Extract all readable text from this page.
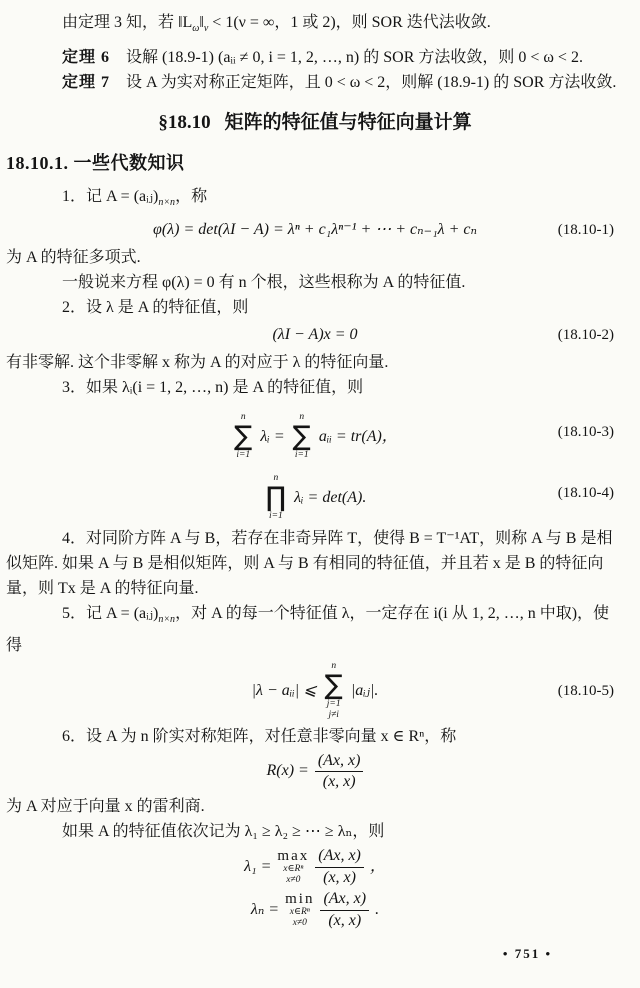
由定理 3 知，若 $‖L_\omega‖_\nu < 1(\nu$ = ∞，1 或 2)，则 SOR 迭代法收敛.

定理 6　设解 (18.9-1) (aᵢᵢ ≠ 0, i = 1, 2, …, n) 的 SOR 方法收敛，则 0 < ω < 2.

定理 7　设 A 为实对称正定矩阵，且 0 < ω < 2，则解 (18.9-1) 的 SOR 方法收敛.

§18.10 矩阵的特征值与特征向量计算

18.10.1. 一些代数知识

1．记 $A = (aᵢⱼ)_{n\times n}$，称

φ(λ) = det(λI − A) = λⁿ + c₁λⁿ⁻¹ + ⋯ + cₙ₋₁λ + cₙ	(18.10-1)

为 A 的特征多项式.

一般说来方程 φ(λ) = 0 有 n 个根，这些根称为 A 的特征值.

2．设 λ 是 A 的特征值，则

(λI − A)x = 0	(18.10-2)

有非零解. 这个非零解 x 称为 A 的对应于 λ 的特征向量.

3．如果 λᵢ(i = 1, 2, …, n) 是 A 的特征值，则

n
∑
i=1
λᵢ =
n
∑
i=1
aᵢᵢ = tr(A)，	(18.10-3)
n
∏
i=1
λᵢ = det(A).	(18.10-4)

4．对同阶方阵 A 与 B，若存在非奇异阵 T，使得 B = T⁻¹AT，则称 A 与 B 是相似矩阵. 如果 A 与 B 是相似矩阵，则 A 与 B 有相同的特征值，并且若 x 是 B 的特征向量，则 Tx 是 A 的特征向量.

5．记 $A = (aᵢⱼ)_{n\times n}$，对 A 的每一个特征值 λ，一定存在 i(i 从 1, 2, …, n 中取)，使得

|λ − aᵢᵢ| ⩽
n
∑
j=1
j≠i
|aᵢⱼ|.	(18.10-5)

6．设 A 为 n 阶实对称矩阵，对任意非零向量 x ∈ Rⁿ，称

$R(x) = \frac{(Ax, x)}{(x, x)}$

为 A 对应于向量 x 的雷利商.

如果 A 的特征值依次记为 λ₁ ≥ λ₂ ≥ ⋯ ≥ λₙ，则

λ₁ =
max
x∈Rⁿ
$x\ne 0 \frac{(Ax, x)}{(x, x)}$ ，
λₙ =
min
x∈Rⁿ
$x\ne 0 \frac{(Ax, x)}{(x, x)}$ .
• 751 •
